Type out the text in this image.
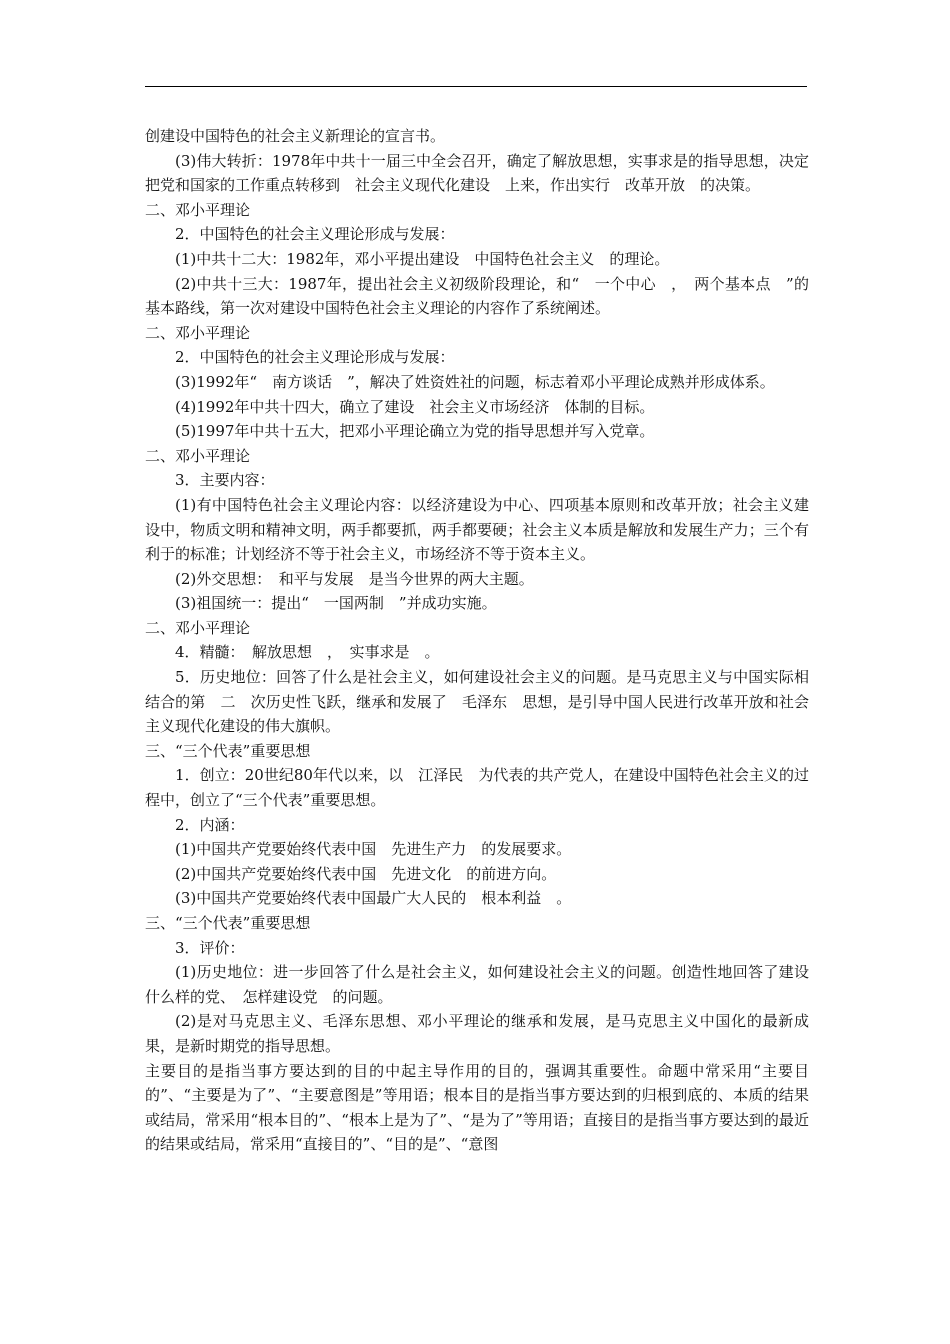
创建设中国特色的社会主义新理论的宣言书。

(3)伟大转折：1978年中共十一届三中全会召开，确定了解放思想，实事求是的指导思想，决定把党和国家的工作重点转移到　社会主义现代化建设　上来，作出实行　改革开放　的决策。

二、邓小平理论

2．中国特色的社会主义理论形成与发展：

(1)中共十二大：1982年，邓小平提出建设　中国特色社会主义　的理论。

(2)中共十三大：1987年，提出社会主义初级阶段理论，和“　一个中心　，　两个基本点　”的基本路线，第一次对建设中国特色社会主义理论的内容作了系统阐述。

二、邓小平理论

2．中国特色的社会主义理论形成与发展：

(3)1992年“　南方谈话　”，解决了姓资姓社的问题，标志着邓小平理论成熟并形成体系。

(4)1992年中共十四大，确立了建设　社会主义市场经济　体制的目标。

(5)1997年中共十五大，把邓小平理论确立为党的指导思想并写入党章。

二、邓小平理论

3．主要内容：

(1)有中国特色社会主义理论内容：以经济建设为中心、四项基本原则和改革开放；社会主义建设中，物质文明和精神文明，两手都要抓，两手都要硬；社会主义本质是解放和发展生产力；三个有利于的标准；计划经济不等于社会主义，市场经济不等于资本主义。

(2)外交思想：　和平与发展　是当今世界的两大主题。

(3)祖国统一：提出“　一国两制　”并成功实施。

二、邓小平理论

4．精髓：　解放思想　，　实事求是　。

5．历史地位：回答了什么是社会主义，如何建设社会主义的问题。是马克思主义与中国实际相结合的第　二　次历史性飞跃，继承和发展了　毛泽东　思想，是引导中国人民进行改革开放和社会主义现代化建设的伟大旗帜。

三、“三个代表”重要思想

1．创立：20世纪80年代以来，以　江泽民　为代表的共产党人，在建设中国特色社会主义的过程中，创立了“三个代表”重要思想。

2．内涵：

(1)中国共产党要始终代表中国　先进生产力　的发展要求。

(2)中国共产党要始终代表中国　先进文化　的前进方向。

(3)中国共产党要始终代表中国最广大人民的　根本利益　。

三、“三个代表”重要思想

3．评价：

(1)历史地位：进一步回答了什么是社会主义，如何建设社会主义的问题。创造性地回答了建设什么样的党、　怎样建设党　的问题。

(2)是对马克思主义、毛泽东思想、邓小平理论的继承和发展，是马克思主义中国化的最新成果，是新时期党的指导思想。

主要目的是指当事方要达到的目的中起主导作用的目的，强调其重要性。命题中常采用“主要目的”、“主要是为了”、“主要意图是”等用语；根本目的是指当事方要达到的归根到底的、本质的结果或结局，常采用“根本目的”、“根本上是为了”、“是为了”等用语；直接目的是指当事方要达到的最近的结果或结局，常采用“直接目的”、“目的是”、“意图
